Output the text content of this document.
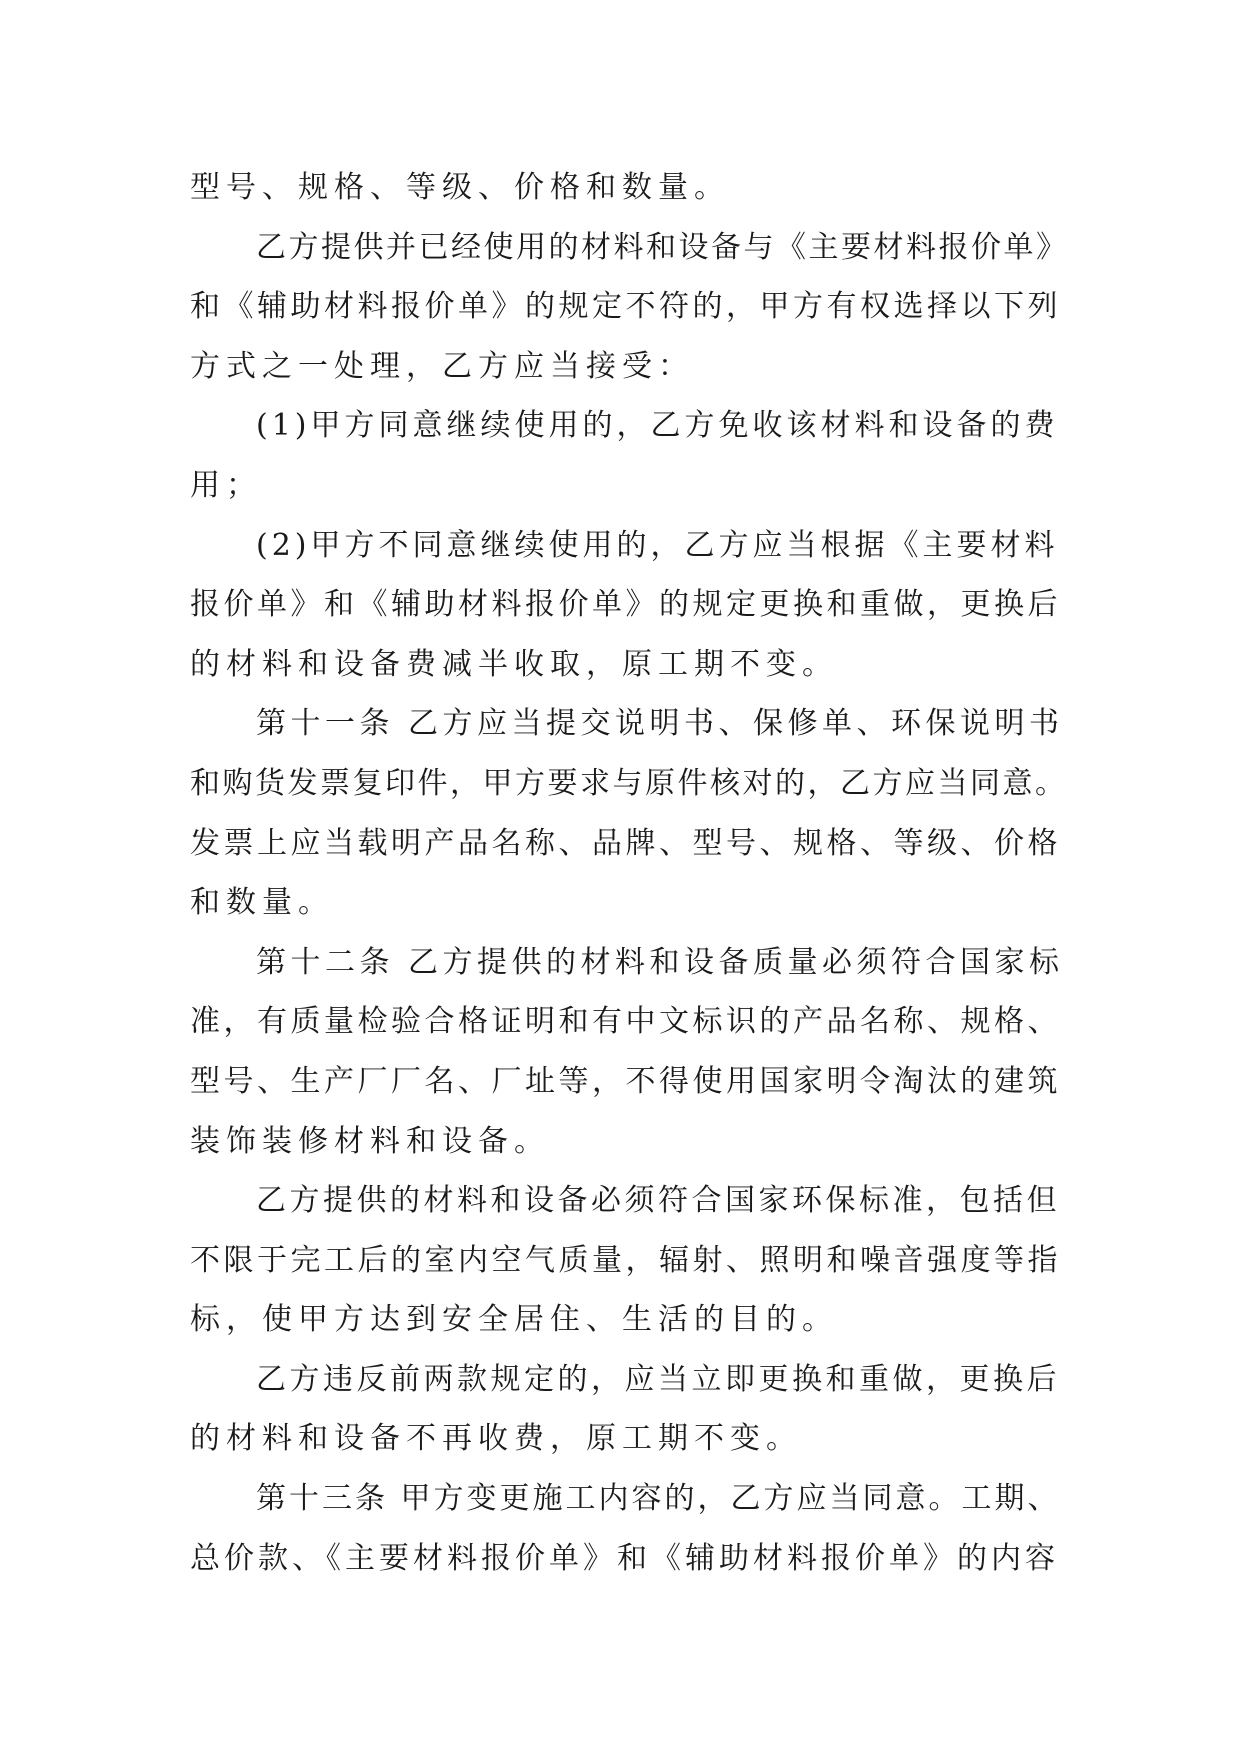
型号、规格、等级、价格和数量。
乙方提供并已经使用的材料和设备与《主要材料报价单》
和《辅助材料报价单》的规定不符的，甲方有权选择以下列
方式之一处理，乙方应当接受：
(1)甲方同意继续使用的，乙方免收该材料和设备的费
用；
(2)甲方不同意继续使用的，乙方应当根据《主要材料
报价单》和《辅助材料报价单》的规定更换和重做，更换后
的材料和设备费减半收取，原工期不变。
第十一条 乙方应当提交说明书、保修单、环保说明书
和购货发票复印件，甲方要求与原件核对的，乙方应当同意。
发票上应当载明产品名称、品牌、型号、规格、等级、价格
和数量。
第十二条 乙方提供的材料和设备质量必须符合国家标
准，有质量检验合格证明和有中文标识的产品名称、规格、
型号、生产厂厂名、厂址等，不得使用国家明令淘汰的建筑
装饰装修材料和设备。
乙方提供的材料和设备必须符合国家环保标准，包括但
不限于完工后的室内空气质量，辐射、照明和噪音强度等指
标，使甲方达到安全居住、生活的目的。
乙方违反前两款规定的，应当立即更换和重做，更换后
的材料和设备不再收费，原工期不变。
第十三条 甲方变更施工内容的，乙方应当同意。工期、
总价款、《主要材料报价单》和《辅助材料报价单》的内容
